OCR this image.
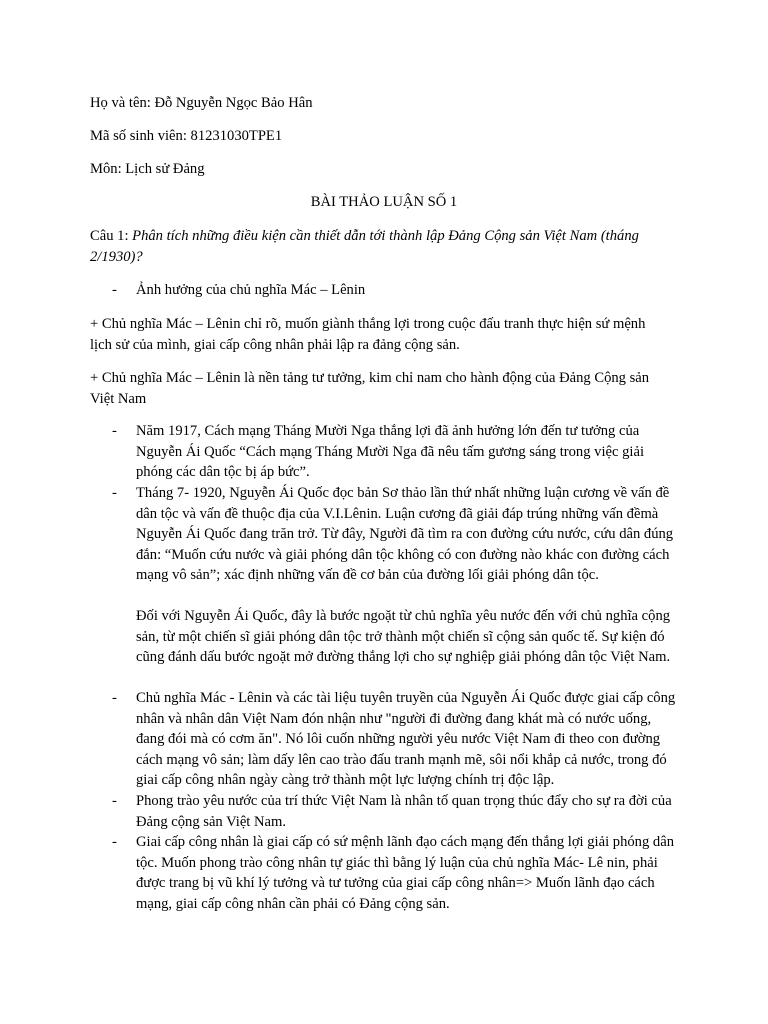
Họ và tên: Đỗ Nguyễn Ngọc Bảo Hân

Mã số sinh viên: 81231030TPE1

Môn: Lịch sử Đảng

BÀI THẢO LUẬN SỐ 1

Câu 1: Phân tích những điều kiện cần thiết dẫn tới thành lập Đảng Cộng sản Việt Nam (tháng 2/1930)?

- Ảnh hưởng của chủ nghĩa Mác – Lênin

+ Chủ nghĩa Mác – Lênin chỉ rõ, muốn giành thắng lợi trong cuộc đấu tranh thực hiện sứ mệnh lịch sử của mình, giai cấp công nhân phải lập ra đảng cộng sản.

+ Chủ nghĩa Mác – Lênin là nền tảng tư tưởng, kim chỉ nam cho hành động của Đảng Cộng sản Việt Nam

- Năm 1917, Cách mạng Tháng Mười Nga thắng lợi đã ảnh hưởng lớn đến tư tưởng của Nguyễn Ái Quốc “Cách mạng Tháng Mười Nga đã nêu tấm gương sáng trong việc giải phóng các dân tộc bị áp bức”.

- Tháng 7- 1920, Nguyễn Ái Quốc đọc bản Sơ thảo lần thứ nhất những luận cương về vấn đề dân tộc và vấn đề thuộc địa của V.I.Lênin. Luận cương đã giải đáp trúng những vấn đềmà Nguyễn Ái Quốc đang trăn trở. Từ đây, Người đã tìm ra con đường cứu nước, cứu dân đúng đắn: “Muốn cứu nước và giải phóng dân tộc không có con đường nào khác con đường cách mạng vô sản”; xác định những vấn đề cơ bản của đường lối giải phóng dân tộc.

Đối với Nguyễn Ái Quốc, đây là bước ngoặt từ chủ nghĩa yêu nước đến với chủ nghĩa cộng sản, từ một chiến sĩ giải phóng dân tộc trở thành một chiến sĩ cộng sản quốc tế. Sự kiện đó cũng đánh dấu bước ngoặt mở đường thắng lợi cho sự nghiệp giải phóng dân tộc Việt Nam.

- Chủ nghĩa Mác - Lênin và các tài liệu tuyên truyền của Nguyễn Ái Quốc được giai cấp công nhân và nhân dân Việt Nam đón nhận như "người đi đường đang khát mà có nước uống, đang đói mà có cơm ăn". Nó lôi cuốn những người yêu nước Việt Nam đi theo con đường cách mạng vô sản; làm dấy lên cao trào đấu tranh mạnh mẽ, sôi nổi khắp cả nước, trong đó giai cấp công nhân ngày càng trở thành một lực lượng chính trị độc lập.

- Phong trào yêu nước của trí thức Việt Nam là nhân tố quan trọng thúc đẩy cho sự ra đời của Đảng cộng sản Việt Nam.

- Giai cấp công nhân là giai cấp có sứ mệnh lãnh đạo cách mạng đến thắng lợi giải phóng dân tộc. Muốn phong trào công nhân tự giác thì bằng lý luận của chủ nghĩa Mác- Lê nin, phải được trang bị vũ khí lý tưởng và tư tưởng của giai cấp công nhân=> Muốn lãnh đạo cách mạng, giai cấp công nhân cần phải có Đảng cộng sản.
